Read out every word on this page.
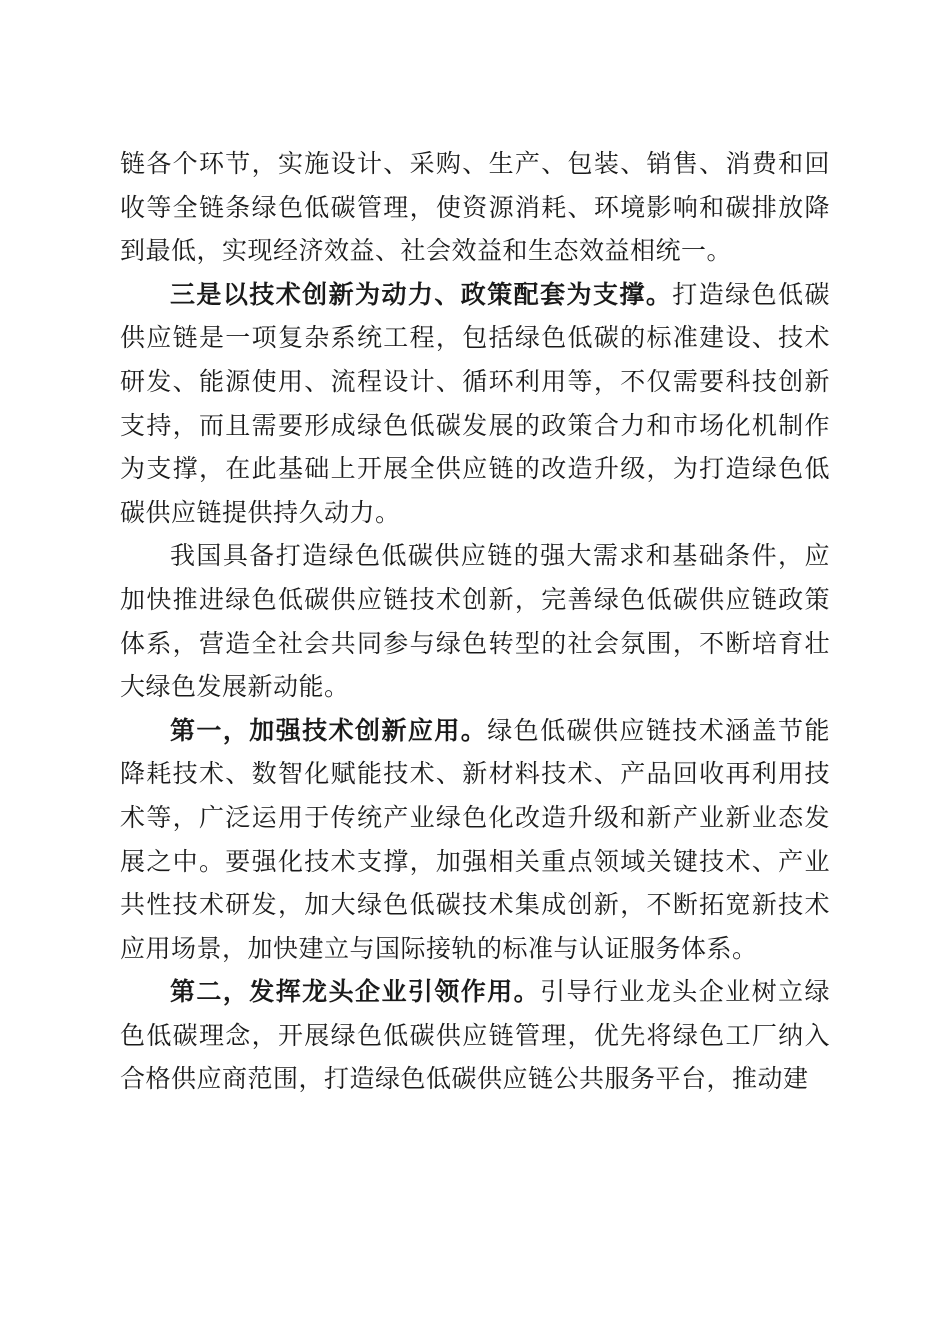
链各个环节，实施设计、采购、生产、包装、销售、消费和回收等全链条绿色低碳管理，使资源消耗、环境影响和碳排放降到最低，实现经济效益、社会效益和生态效益相统一。

三是以技术创新为动力、政策配套为支撑。打造绿色低碳供应链是一项复杂系统工程，包括绿色低碳的标准建设、技术研发、能源使用、流程设计、循环利用等，不仅需要科技创新支持，而且需要形成绿色低碳发展的政策合力和市场化机制作为支撑，在此基础上开展全供应链的改造升级，为打造绿色低碳供应链提供持久动力。

我国具备打造绿色低碳供应链的强大需求和基础条件，应加快推进绿色低碳供应链技术创新，完善绿色低碳供应链政策体系，营造全社会共同参与绿色转型的社会氛围，不断培育壮大绿色发展新动能。

第一，加强技术创新应用。绿色低碳供应链技术涵盖节能降耗技术、数智化赋能技术、新材料技术、产品回收再利用技术等，广泛运用于传统产业绿色化改造升级和新产业新业态发展之中。要强化技术支撑，加强相关重点领域关键技术、产业共性技术研发，加大绿色低碳技术集成创新，不断拓宽新技术应用场景，加快建立与国际接轨的标准与认证服务体系。

第二，发挥龙头企业引领作用。引导行业龙头企业树立绿色低碳理念，开展绿色低碳供应链管理，优先将绿色工厂纳入合格供应商范围，打造绿色低碳供应链公共服务平台，推动建
